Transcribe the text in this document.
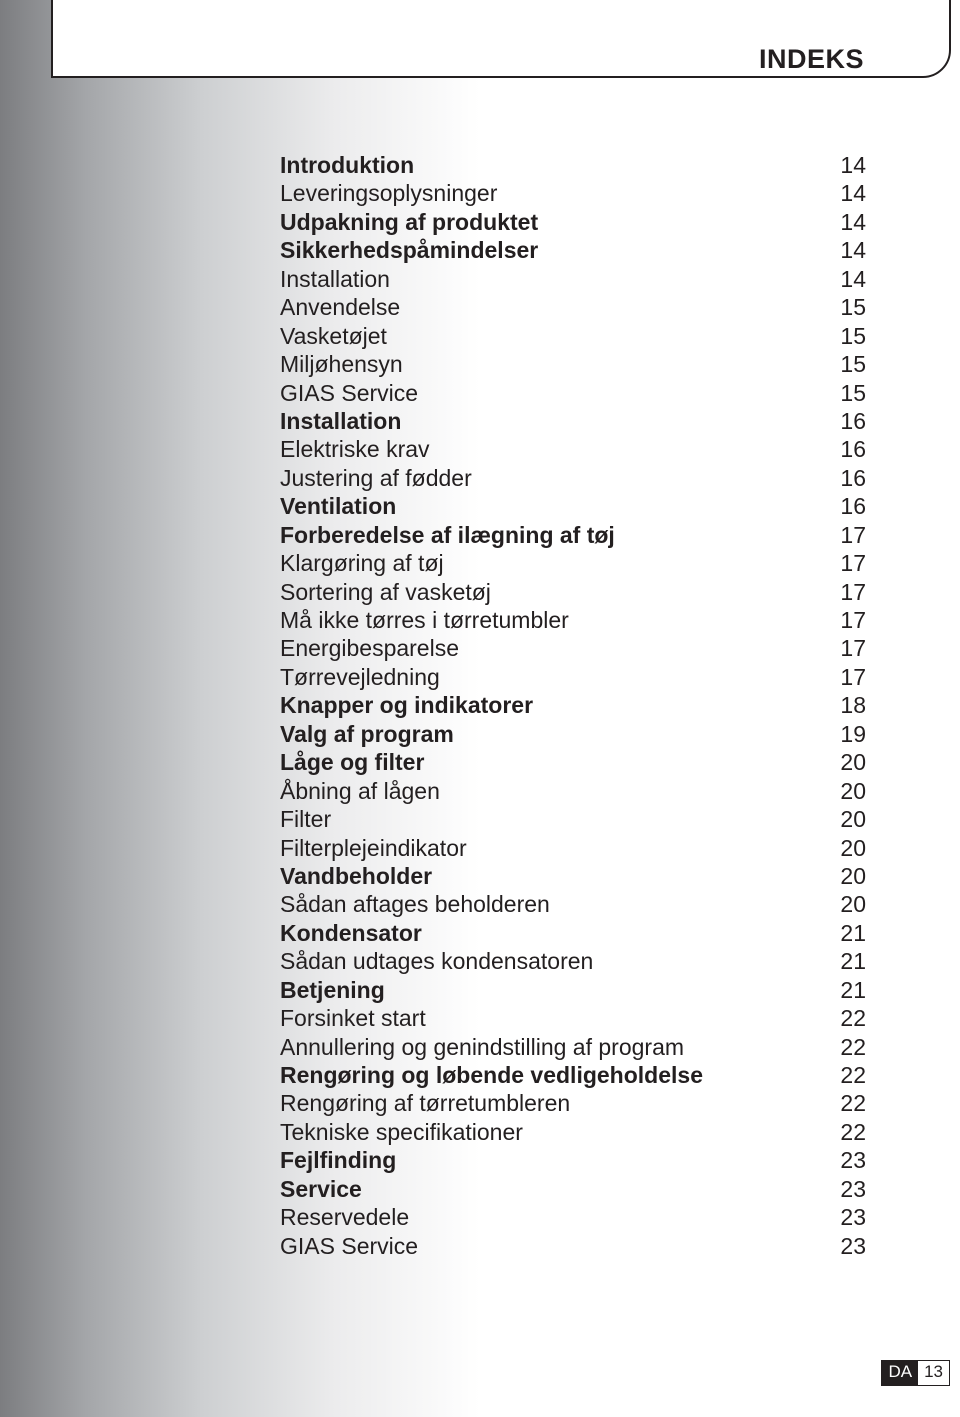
INDEKS
Introduktion	14
Leveringsoplysninger	14
Udpakning af produktet	14
Sikkerhedspåmindelser	14
Installation	14
Anvendelse	15
Vasketøjet	15
Miljøhensyn	15
GIAS Service	15
Installation	16
Elektriske krav	16
Justering af fødder	16
Ventilation	16
Forberedelse af ilægning af tøj	17
Klargøring af tøj	17
Sortering af vasketøj	17
Må ikke tørres i tørretumbler	17
Energibesparelse	17
Tørrevejledning	17
Knapper og indikatorer	18
Valg af program	19
Låge og filter	20
Åbning af lågen	20
Filter	20
Filterplejeindikator	20
Vandbeholder	20
Sådan aftages beholderen	20
Kondensator	21
Sådan udtages kondensatoren	21
Betjening	21
Forsinket start	22
Annullering og genindstilling af program	22
Rengøring og løbende vedligeholdelse	22
Rengøring af tørretumbleren	22
Tekniske specifikationer	22
Fejlfinding	23
Service	23
Reservedele	23
GIAS Service	23
DA 13
